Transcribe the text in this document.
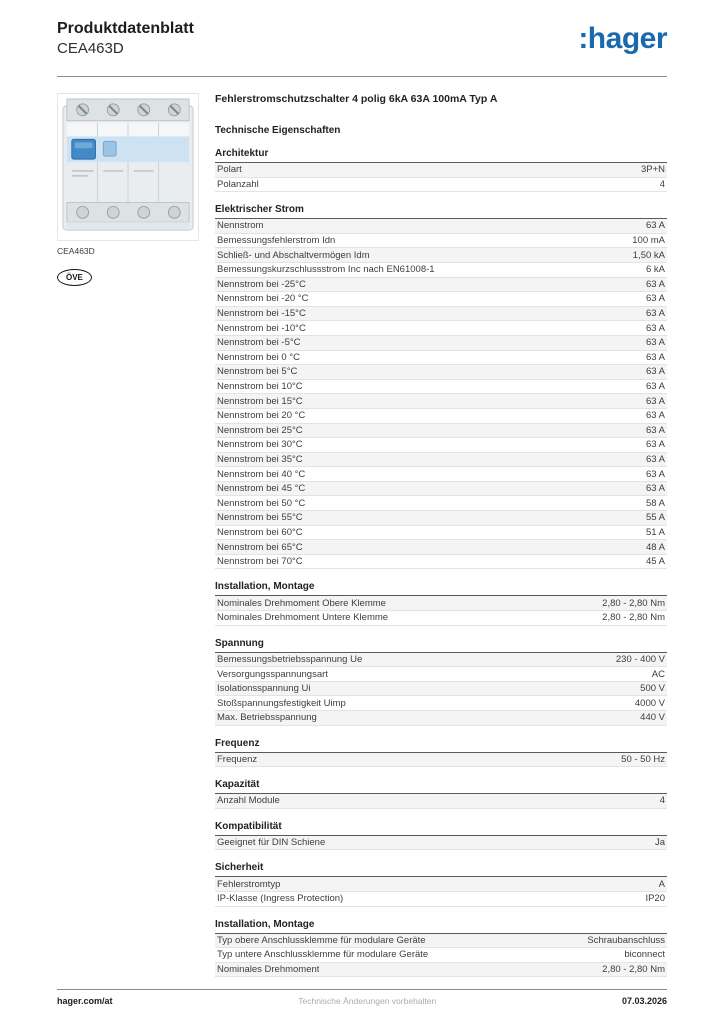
Produktdatenblatt
CEA463D	:hager
CEA463D
ÖVE
Fehlerstromschutzschalter 4 polig 6kA 63A 100mA Typ A
Technische Eigenschaften
Architektur
Polart	3P+N
Polanzahl	4
Elektrischer Strom
Nennstrom	63 A
Bemessungsfehlerstrom Idn	100 mA
Schließ- und Abschaltvermögen Idm	1,50 kA
Bemessungskurzschlussstrom Inc nach EN61008-1	6 kA
Nennstrom bei -25°C	63 A
Nennstrom bei -20 °C	63 A
Nennstrom bei -15°C	63 A
Nennstrom bei -10°C	63 A
Nennstrom bei -5°C	63 A
Nennstrom bei 0 °C	63 A
Nennstrom bei 5°C	63 A
Nennstrom bei 10°C	63 A
Nennstrom bei 15°C	63 A
Nennstrom bei 20 °C	63 A
Nennstrom bei 25°C	63 A
Nennstrom bei 30°C	63 A
Nennstrom bei 35°C	63 A
Nennstrom bei 40 °C	63 A
Nennstrom bei 45 °C	63 A
Nennstrom bei 50 °C	58 A
Nennstrom bei 55°C	55 A
Nennstrom bei 60°C	51 A
Nennstrom bei 65°C	48 A
Nennstrom bei 70°C	45 A
Installation, Montage
Nominales Drehmoment Obere Klemme	2,80 - 2,80 Nm
Nominales Drehmoment Untere Klemme	2,80 - 2,80 Nm
Spannung
Bemessungsbetriebsspannung Ue	230 - 400 V
Versorgungsspannungsart	AC
Isolationsspannung Ui	500 V
Stoßspannungsfestigkeit Uimp	4000 V
Max. Betriebsspannung	440 V
Frequenz
Frequenz	50 - 50 Hz
Kapazität
Anzahl Module	4
Kompatibilität
Geeignet für DIN Schiene	Ja
Sicherheit
Fehlerstromtyp	A
IP-Klasse (Ingress Protection)	IP20
Installation, Montage
Typ obere Anschlussklemme für modulare Geräte	Schraubanschluss
Typ untere Anschlussklemme für modulare Geräte	biconnect
Nominales Drehmoment	2,80 - 2,80 Nm
hager.com/at	Technische Änderungen vorbehalten	07.03.2026
